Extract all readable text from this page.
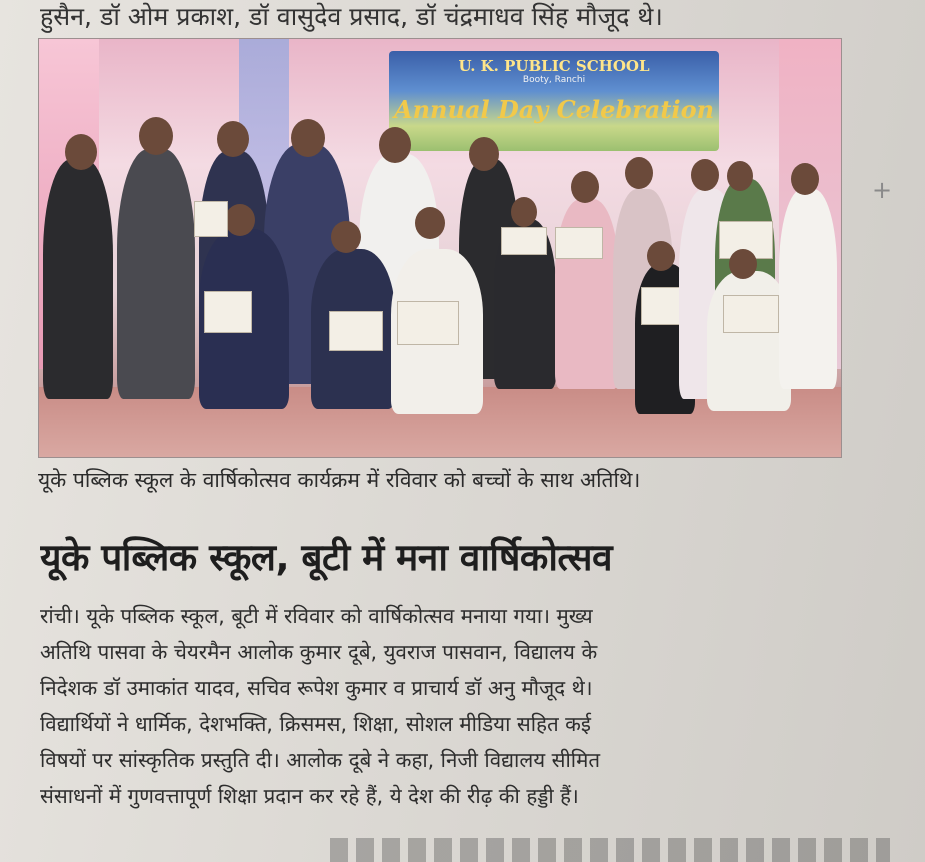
हुसैन, डॉ ओम प्रकाश, डॉ वासुदेव प्रसाद, डॉ चंद्रमाधव सिंह मौजूद थे।
U. K. PUBLIC SCHOOL
Booty, Ranchi
Annual Day Celebration
यूके पब्लिक स्कूल के वार्षिकोत्सव कार्यक्रम में रविवार को बच्चों के साथ अतिथि।
यूके पब्लिक स्कूल, बूटी में मना वार्षिकोत्सव
रांची। यूके पब्लिक स्कूल, बूटी में रविवार को वार्षिकोत्सव मनाया गया। मुख्य
अतिथि पासवा के चेयरमैन आलोक कुमार दूबे, युवराज पासवान, विद्यालय के
निदेशक डॉ उमाकांत यादव, सचिव रूपेश कुमार व प्राचार्य डॉ अनु मौजूद थे।
विद्यार्थियों ने धार्मिक, देशभक्ति, क्रिसमस, शिक्षा, सोशल मीडिया सहित कई
विषयों पर सांस्कृतिक प्रस्तुति दी। आलोक दूबे ने कहा, निजी विद्यालय सीमित
संसाधनों में गुणवत्तापूर्ण शिक्षा प्रदान कर रहे हैं, ये देश की रीढ़ की हड्डी हैं।
+
